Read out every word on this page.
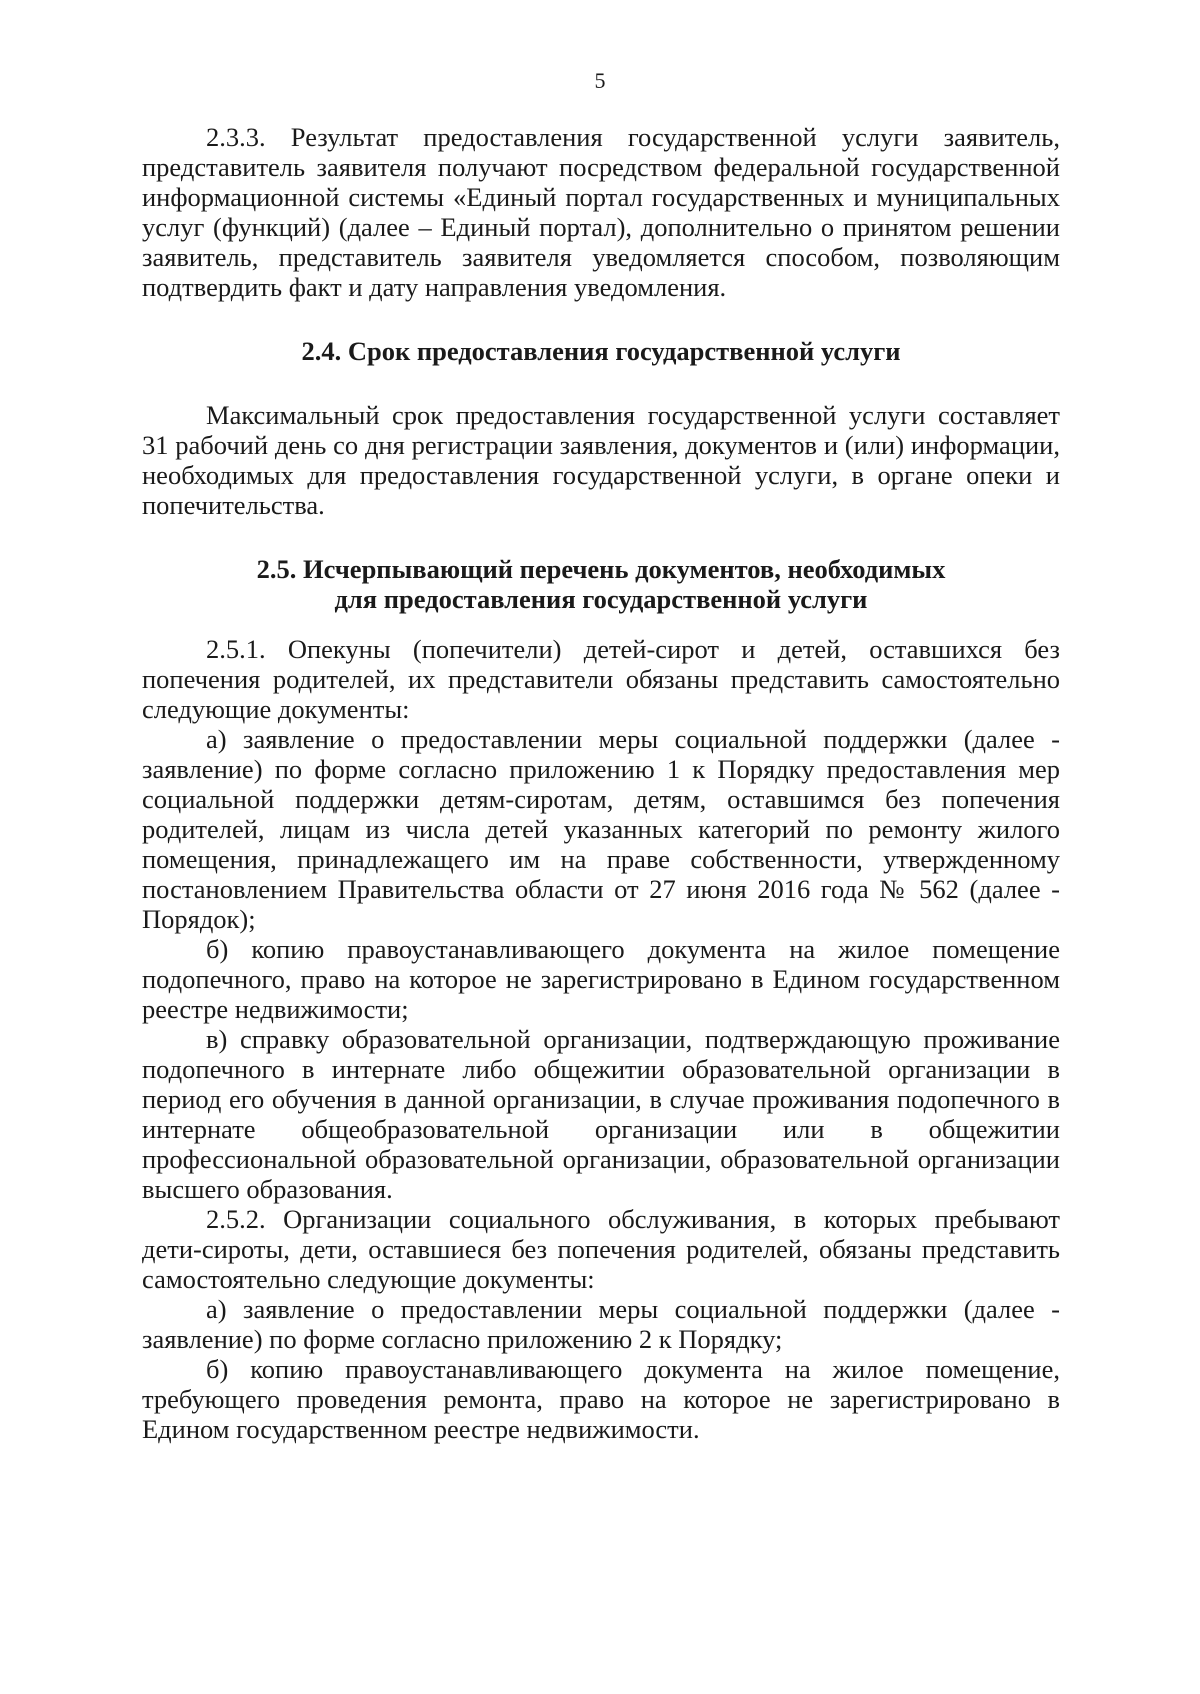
5

2.3.3. Результат предоставления государственной услуги заявитель, представитель заявителя получают посредством федеральной государственной информационной системы «Единый портал государственных и муниципальных услуг (функций) (далее – Единый портал), дополнительно о принятом решении заявитель, представитель заявителя уведомляется способом, позволяющим подтвердить факт и дату направления уведомления.

2.4. Срок предоставления государственной услуги

Максимальный срок предоставления государственной услуги составляет 31 рабочий день со дня регистрации заявления, документов и (или) информации, необходимых для предоставления государственной услуги, в органе опеки и попечительства.

2.5. Исчерпывающий перечень документов, необходимых
для предоставления государственной услуги

2.5.1. Опекуны (попечители) детей-сирот и детей, оставшихся без попечения родителей, их представители обязаны представить самостоятельно следующие документы:

а) заявление о предоставлении меры социальной поддержки (далее - заявление) по форме согласно приложению 1 к Порядку предоставления мер социальной поддержки детям-сиротам, детям, оставшимся без попечения родителей, лицам из числа детей указанных категорий по ремонту жилого помещения, принадлежащего им на праве собственности, утвержденному постановлением Правительства области от 27 июня 2016 года № 562 (далее - Порядок);

б) копию правоустанавливающего документа на жилое помещение подопечного, право на которое не зарегистрировано в Едином государственном реестре недвижимости;

в) справку образовательной организации, подтверждающую проживание подопечного в интернате либо общежитии образовательной организации в период его обучения в данной организации, в случае проживания подопечного в интернате общеобразовательной организации или в общежитии профессиональной образовательной организации, образовательной организации высшего образования.

2.5.2. Организации социального обслуживания, в которых пребывают дети-сироты, дети, оставшиеся без попечения родителей, обязаны представить самостоятельно следующие документы:

а) заявление о предоставлении меры социальной поддержки (далее - заявление) по форме согласно приложению 2 к Порядку;

б) копию правоустанавливающего документа на жилое помещение, требующего проведения ремонта, право на которое не зарегистрировано в Едином государственном реестре недвижимости.
